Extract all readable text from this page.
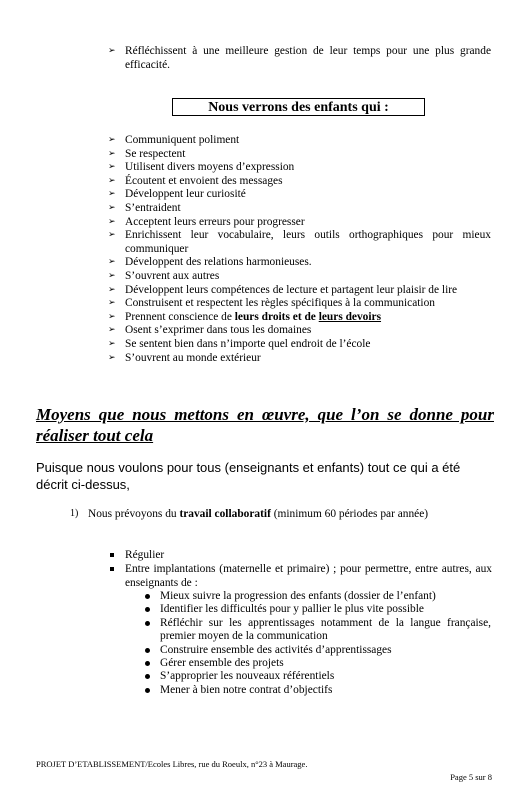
➢ Réfléchissent à une meilleure gestion de leur temps pour une plus grande efficacité.
Nous verrons des enfants qui :
➢ Communiquent poliment
➢ Se respectent
➢ Utilisent divers moyens d’expression
➢ Écoutent et envoient des messages
➢ Développent leur curiosité
➢ S’entraident
➢ Acceptent leurs erreurs pour progresser
➢ Enrichissent leur vocabulaire, leurs outils orthographiques pour mieux communiquer
➢ Développent des relations harmonieuses.
➢ S’ouvrent aux autres
➢ Développent leurs compétences de lecture et partagent leur plaisir de lire
➢ Construisent et respectent les règles spécifiques à la communication
➢ Prennent conscience de leurs droits et de leurs devoirs
➢ Osent s’exprimer dans tous les domaines
➢ Se sentent bien dans n’importe quel endroit de l’école
➢ S’ouvrent au monde extérieur
Moyens que nous mettons en œuvre, que l’on se donne pour réaliser tout cela
Puisque nous voulons pour tous (enseignants et enfants) tout ce qui a été décrit ci-dessus,
1) Nous prévoyons du travail collaboratif (minimum 60 périodes par année)
Régulier
Entre implantations (maternelle et primaire) ; pour permettre, entre autres, aux enseignants de :
Mieux suivre la progression des enfants (dossier de l’enfant)
Identifier les difficultés pour y pallier le plus vite possible
Réfléchir sur les apprentissages notamment de la langue française, premier moyen de la communication
Construire ensemble des activités d’apprentissages
Gérer ensemble des projets
S’approprier les nouveaux référentiels
Mener à bien notre contrat d’objectifs
PROJET D’ETABLISSEMENT/Ecoles Libres, rue du Roeulx, n°23 à Maurage.
Page 5 sur 8
